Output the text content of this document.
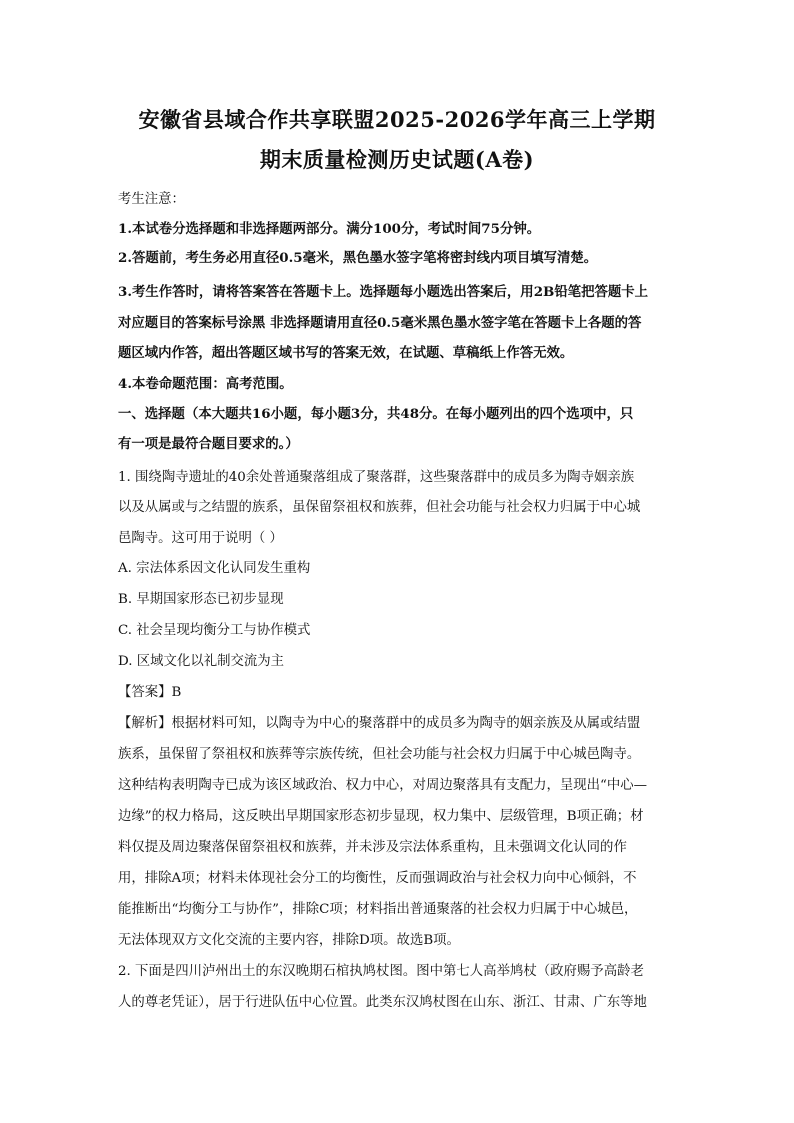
安徽省县域合作共享联盟2025-2026学年高三上学期
期末质量检测历史试题(A卷)
考生注意：
1.本试卷分选择题和非选择题两部分。满分100分，考试时间75分钟。
2.答题前，考生务必用直径0.5毫米，黑色墨水签字笔将密封线内项目填写清楚。
3.考生作答时，请将答案答在答题卡上。选择题每小题选出答案后，用2B铅笔把答题卡上
对应题目的答案标号涂黑 非选择题请用直径0.5毫米黑色墨水签字笔在答题卡上各题的答
题区域内作答，超出答题区域书写的答案无效，在试题、草稿纸上作答无效。
4.本卷命题范围：高考范围。
一、选择题（本大题共16小题，每小题3分，共48分。在每小题列出的四个选项中，只
有一项是最符合题目要求的。）
1. 围绕陶寺遗址的40余处普通聚落组成了聚落群，这些聚落群中的成员多为陶寺姻亲族
以及从属或与之结盟的族系，虽保留祭祖权和族葬，但社会功能与社会权力归属于中心城
邑陶寺。这可用于说明（ ）
A. 宗法体系因文化认同发生重构
B. 早期国家形态已初步显现
C. 社会呈现均衡分工与协作模式
D. 区域文化以礼制交流为主
【答案】B
【解析】根据材料可知，以陶寺为中心的聚落群中的成员多为陶寺的姻亲族及从属或结盟
族系，虽保留了祭祖权和族葬等宗族传统，但社会功能与社会权力归属于中心城邑陶寺。
这种结构表明陶寺已成为该区域政治、权力中心，对周边聚落具有支配力，呈现出“中心—
边缘”的权力格局，这反映出早期国家形态初步显现，权力集中、层级管理，B项正确；材
料仅提及周边聚落保留祭祖权和族葬，并未涉及宗法体系重构，且未强调文化认同的作
用，排除A项；材料未体现社会分工的均衡性，反而强调政治与社会权力向中心倾斜，不
能推断出“均衡分工与协作”，排除C项；材料指出普通聚落的社会权力归属于中心城邑，
无法体现双方文化交流的主要内容，排除D项。故选B项。
2. 下面是四川泸州出土的东汉晚期石棺执鸠杖图。图中第七人高举鸠杖（政府赐予高龄老
人的尊老凭证），居于行进队伍中心位置。此类东汉鸠杖图在山东、浙江、甘肃、广东等地
